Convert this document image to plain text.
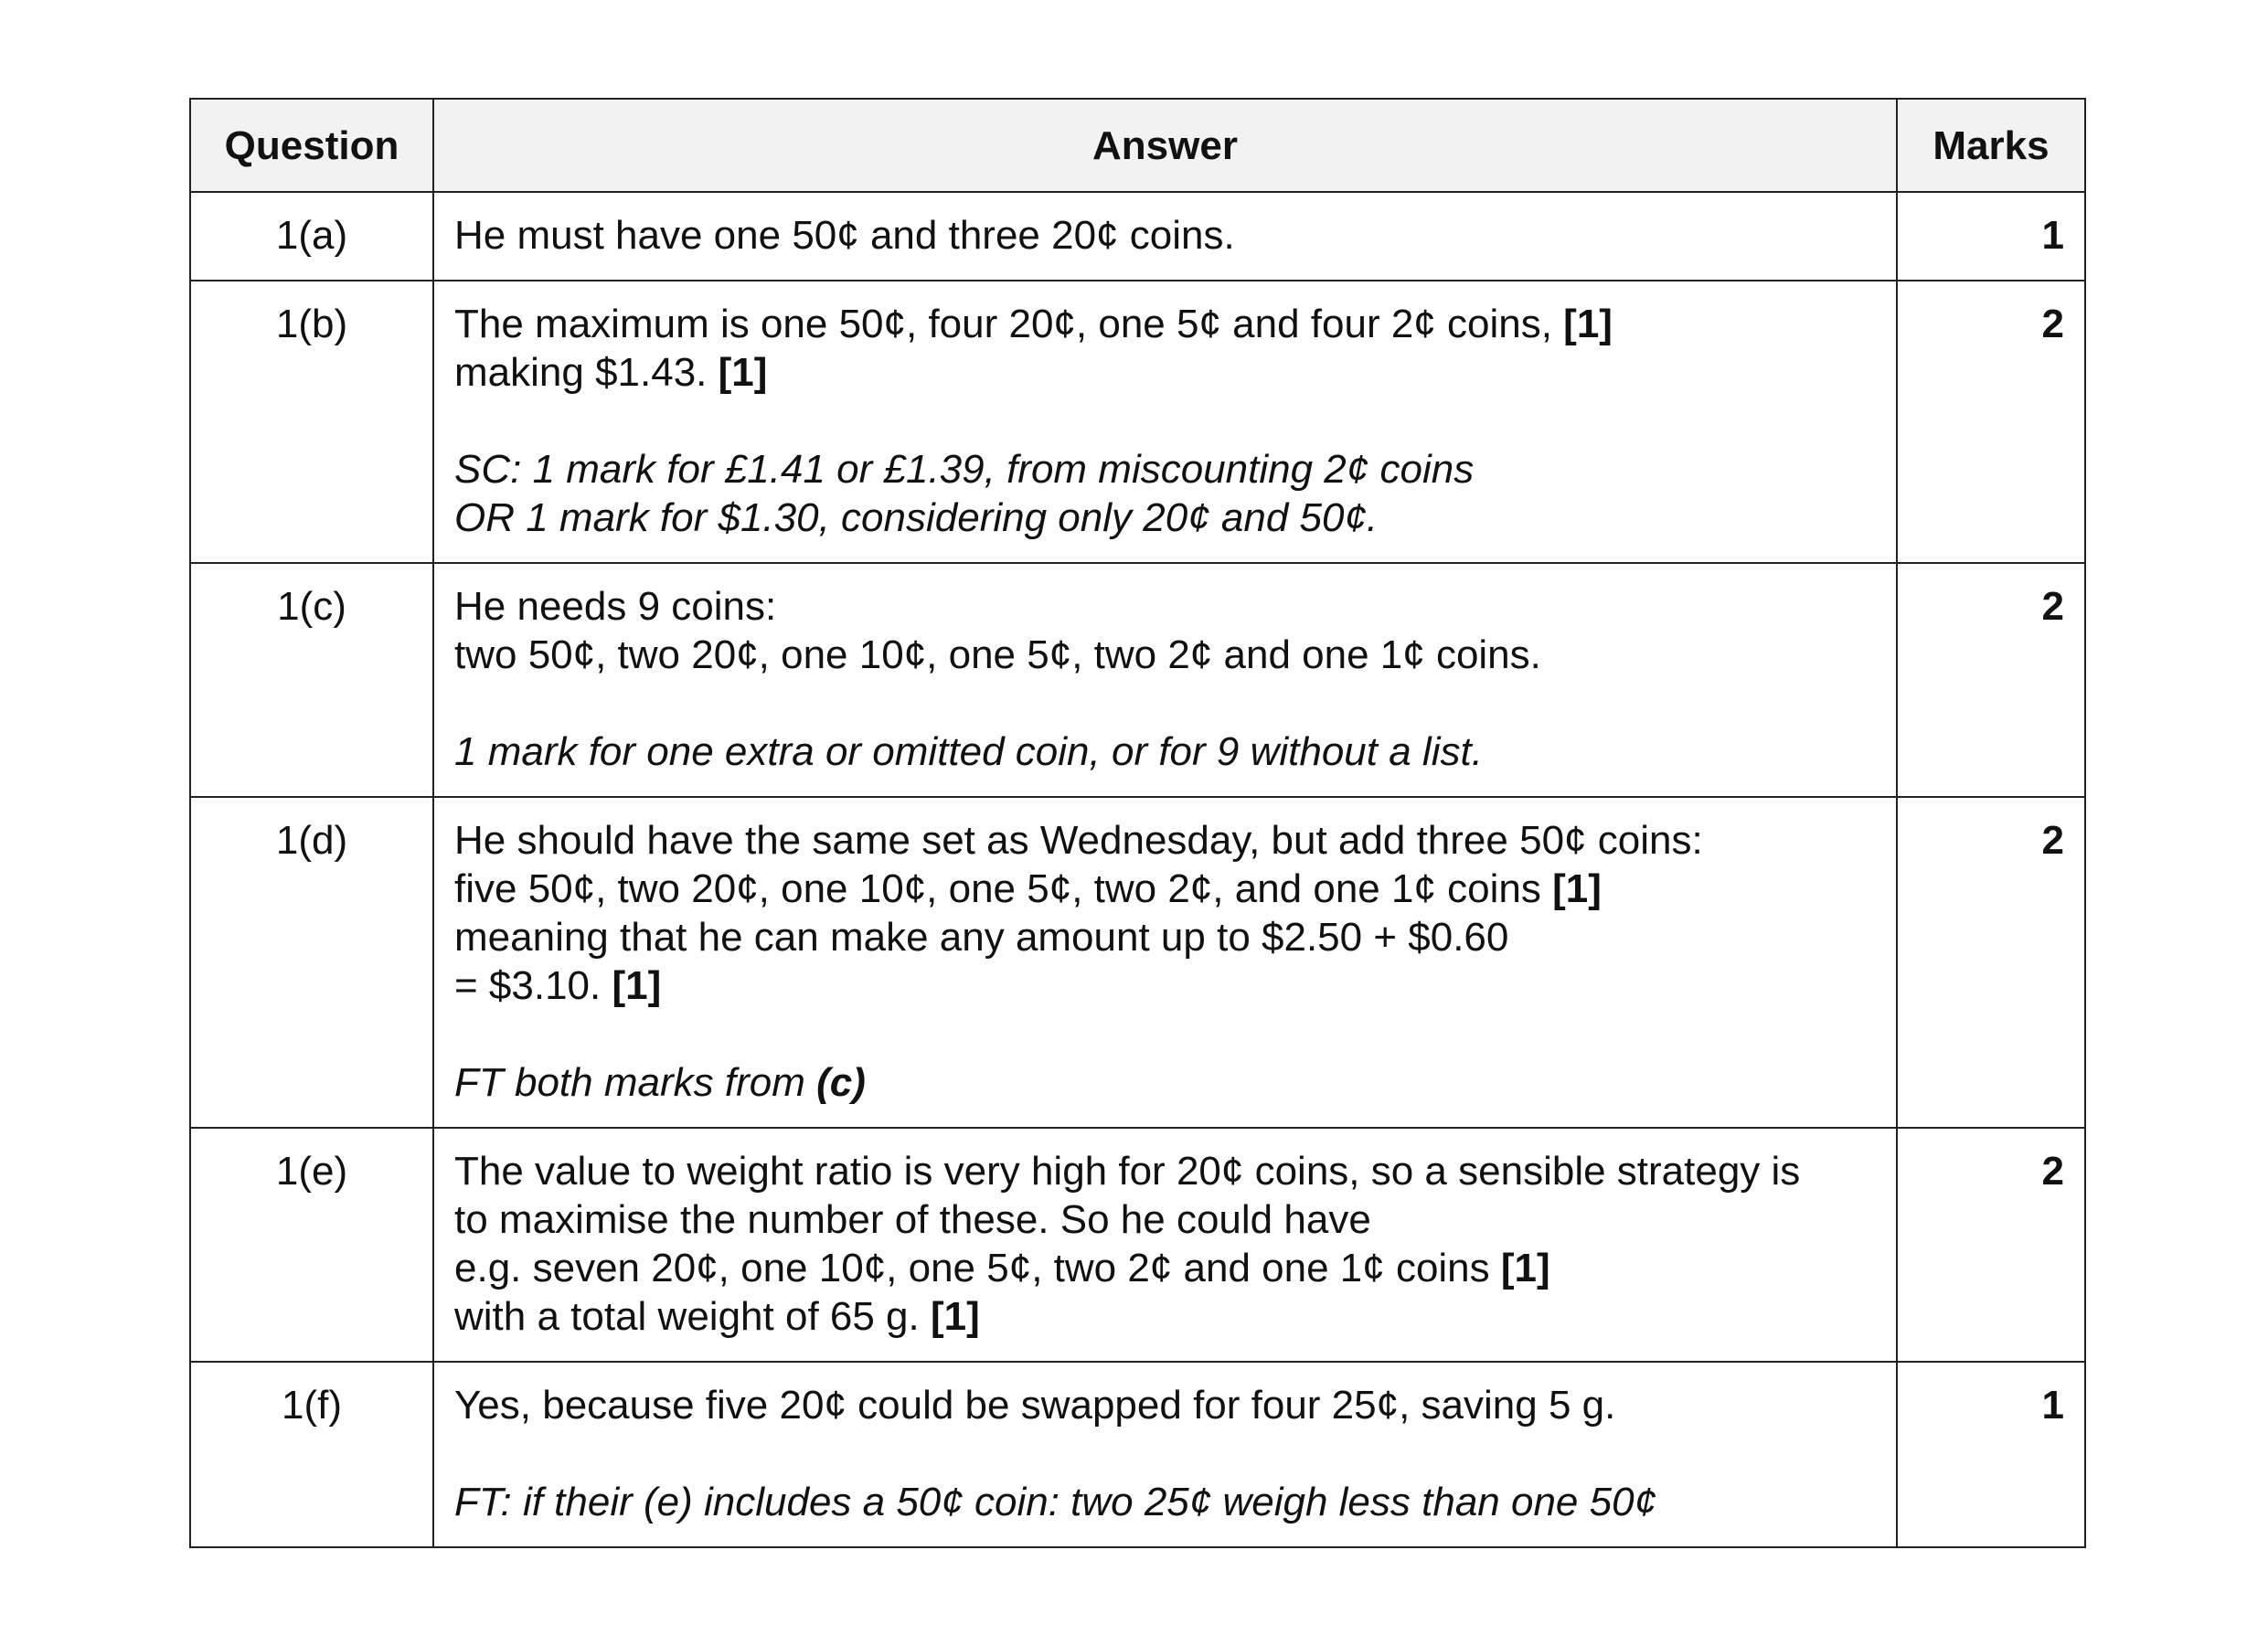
Question	Answer	Marks
1(a)	He must have one 50¢ and three 20¢ coins.	1
1(b)	The maximum is one 50¢, four 20¢, one 5¢ and four 2¢ coins, [1]
making $1.43. [1]
SC: 1 mark for £1.41 or £1.39, from miscounting 2¢ coins
OR 1 mark for $1.30, considering only 20¢ and 50¢.	2
1(c)	He needs 9 coins:
two 50¢, two 20¢, one 10¢, one 5¢, two 2¢ and one 1¢ coins.
1 mark for one extra or omitted coin, or for 9 without a list.	2
1(d)	He should have the same set as Wednesday, but add three 50¢ coins:
five 50¢, two 20¢, one 10¢, one 5¢, two 2¢, and one 1¢ coins [1]
meaning that he can make any amount up to $2.50 + $0.60
= $3.10. [1]
FT both marks from (c)	2
1(e)	The value to weight ratio is very high for 20¢ coins, so a sensible strategy is
to maximise the number of these. So he could have
e.g. seven 20¢, one 10¢, one 5¢, two 2¢ and one 1¢ coins [1]
with a total weight of 65 g. [1]	2
1(f)	Yes, because five 20¢ could be swapped for four 25¢, saving 5 g.
FT: if their (e) includes a 50¢ coin: two 25¢ weigh less than one 50¢	1
